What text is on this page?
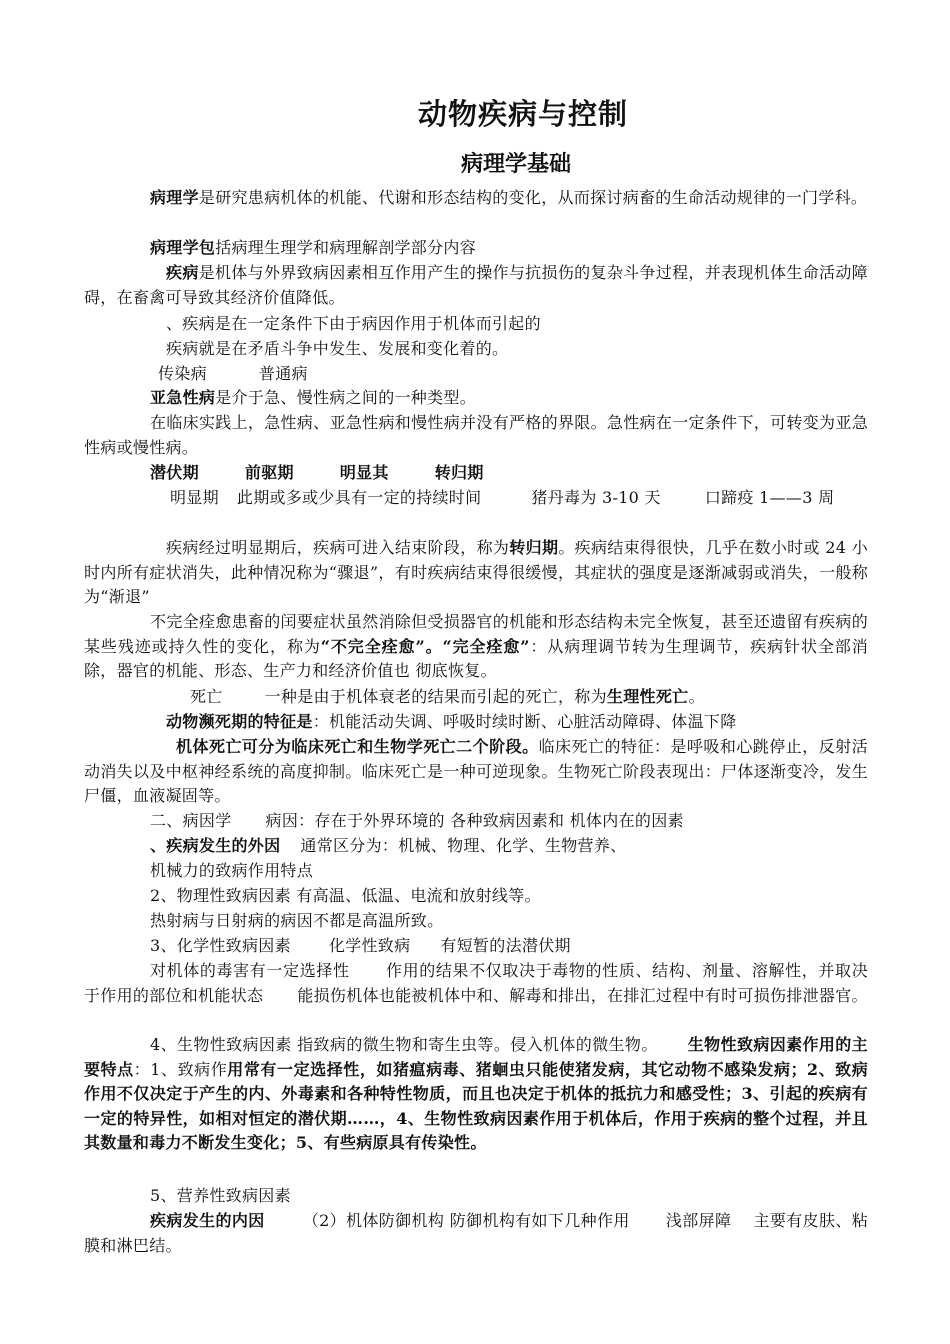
动物疾病与控制
病理学基础

病理学是研究患病机体的机能、代谢和形态结构的变化，从而探讨病畜的生命活动规律的一门学科。

病理学包括病理生理学和病理解剖学部分内容

疾病是机体与外界致病因素相互作用产生的操作与抗损伤的复杂斗争过程，并表现机体生命活动障碍，在畜禽可导致其经济价值降低。

、疾病是在一定条件下由于病因作用于机体而引起的

疾病就是在矛盾斗争中发生、发展和变化着的。

传染病	普通病

亚急性病是介于急、慢性病之间的一种类型。

在临床实践上，急性病、亚急性病和慢性病并没有严格的界限。急性病在一定条件下，可转变为亚急性病或慢性病。

潜伏期	前驱期	明显其	转归期

明显期 此期或多或少具有一定的持续时间	猪丹毒为 3-10 天	口蹄疫 1——3 周

疾病经过明显期后，疾病可进入结束阶段，称为转归期。疾病结束得很快，几乎在数小时或 24 小时内所有症状消失，此种情况称为“骤退”，有时疾病结束得很缓慢，其症状的强度是逐渐减弱或消失，一般称为“渐退”

不完全痊愈患畜的闰要症状虽然消除但受损器官的机能和形态结构未完全恢复，甚至还遗留有疾病的某些残迹或持久性的变化，称为“不完全痊愈”。“完全痊愈”：从病理调节转为生理调节，疾病针状全部消除，器官的机能、形态、生产力和经济价值也 彻底恢复。

死亡	一种是由于机体衰老的结果而引起的死亡，称为生理性死亡。

动物濒死期的特征是：机能活动失调、呼吸时续时断、心脏活动障碍、体温下降

机体死亡可分为临床死亡和生物学死亡二个阶段。临床死亡的特征：是呼吸和心跳停止，反射活动消失以及中枢神经系统的高度抑制。临床死亡是一种可逆现象。生物死亡阶段表现出：尸体逐渐变冷，发生尸僵，血液凝固等。

二、病因学 病因：存在于外界环境的 各种致病因素和 机体内在的因素

、疾病发生的外因 通常区分为：机械、物理、化学、生物营养、

机械力的致病作用特点

2、物理性致病因素 有高温、低温、电流和放射线等。

热射病与日射病的病因不都是高温所致。

3、化学性致病因素 化学性致病 有短暂的法潜伏期

对机体的毒害有一定选择性 作用的结果不仅取决于毒物的性质、结构、剂量、溶解性，并取决于作用的部位和机能状态 能损伤机体也能被机体中和、解毒和排出，在排汇过程中有时可损伤排泄器官。

4、生物性致病因素 指致病的微生物和寄生虫等。侵入机体的微生物。 生物性致病因素作用的主要特点：1、致病作用常有一定选择性，如猪瘟病毒、猪蛔虫只能使猪发病，其它动物不感染发病；2、致病作用不仅决定于产生的内、外毒素和各种特性物质，而且也决定于机体的抵抗力和感受性；3、引起的疾病有一定的特异性，如相对恒定的潜伏期……，4、生物性致病因素作用于机体后，作用于疾病的整个过程，并且其数量和毒力不断发生变化；5、有些病原具有传染性。

5、营养性致病因素

疾病发生的内因 （2）机体防御机构 防御机构有如下几种作用 浅部屏障 主要有皮肤、粘膜和淋巴结。
